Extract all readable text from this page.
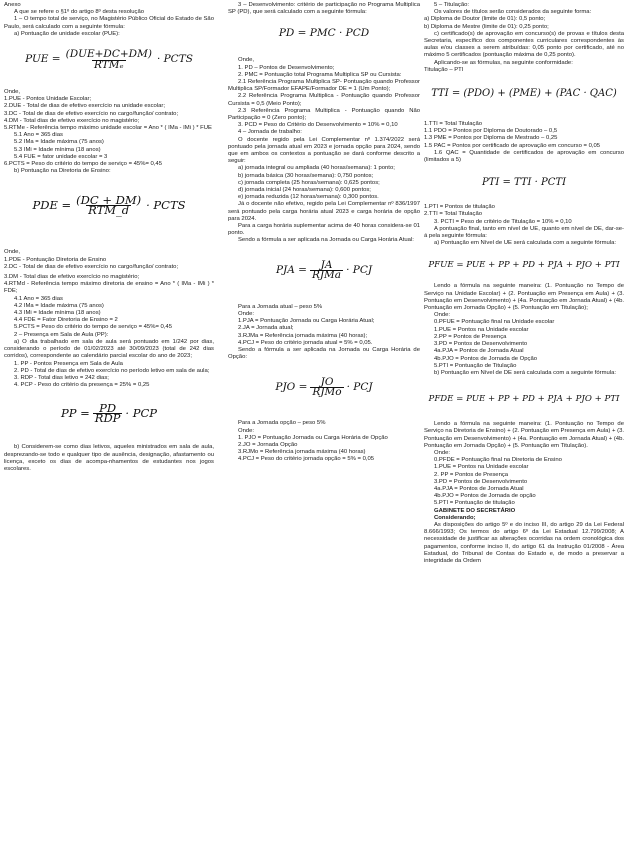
Anexo

A que se refere o §1º do artigo 8º desta resolução

1 – O tempo total de serviço, no Magistério Público Oficial do Estado de São Paulo, será calculado com a seguinte fórmula:

a) Pontuação de unidade escolar (PUE):

PUE = $\frac{\text{(DUE+DC+DM)}}{\text{RTMₑ}}$ · PCTS

Onde,

1.PUE - Pontos Unidade Escolar;

2.DUE - Total de dias de efetivo exercício na unidade escolar;

3.DC - Total de dias de efetivo exercício no cargo/função/ contrato;

4.DM - Total dias de efetivo exercício no magistério;

5.RTMe - Referência tempo máximo unidade escolar = Ano * ( IMa - IMi ) * FUE

5.1 Ano = 365 dias

5.2 IMa = Idade máxima (75 anos)

5.3 IMi = Idade mínima (18 anos)

5.4 FUE = fator unidade escolar = 3

6.PCTS = Peso do critério do tempo de serviço = 45%= 0,45

b) Pontuação na Diretoria de Ensino:

PDE = $\frac{(DC + DM)}{\text{RTM\_d}}$ · PCTS

Onde,

1.PDE - Pontuação Diretoria de Ensino

2.DC - Total de dias de efetivo exercício no cargo/função/ contrato;

3.DM - Total dias de efetivo exercício no magistério;

4.RTMd - Referência tempo máximo diretoria de ensino = Ano * ( IMa - IMi ) * FDE;

4.1 Ano = 365 dias

4.2 IMa = Idade máxima (75 anos)

4.3 IMi = Idade mínima (18 anos)

4.4 FDE = Fator Diretoria de Ensino = 2

5.PCTS = Peso do critério do tempo de serviço = 45%= 0,45

2 – Presença em Sala de Aula (PP):

a) O dia trabalhado em sala de aula será pontuado em 1/242 por dias, considerando o período de 01/02/2023 até 30/09/2023 (total de 242 dias corridos), correspondente ao calendário parcial escolar do ano de 2023;

1. PP - Pontos Presença em Sala de Aula

2. PD - Total de dias de efetivo exercício no período letivo em sala de aula;

3. RDP - Total dias letivo = 242 dias;

4. PCP - Peso do critério da presença = 25% = 0,25

PP = $\frac{PD}{\text{RDP}}$ · PCP

b) Considerem-se como dias letivos, aqueles ministrados em sala de aula, desprezando-se todo e qualquer tipo de ausência, designação, afastamento ou licença, exceto os dias de acompa-nhamentos de estudantes nos jogos escolares.

3 – Desenvolvimento: critério de participação no Programa Multiplica SP (PD), que será calculado com a seguinte fórmula:

PD = PMC · PCD

Onde,

1. PD – Pontos de Desenvolvimento;

2. PMC = Pontuação total Programa Multiplica SP ou Cursista:

2.1 Referência Programa Multiplica SP- Pontuação quando Professor Multiplica SP/Formador EFAPE/Formador DE = 1 (Um Ponto);

2.2 Referência Programa Multiplica - Pontuação quando Professor Cursista = 0,5 (Meio Ponto);

2.3 Referência Programa Multiplica - Pontuação quando Não Participação = 0 (Zero ponto);

3. PCD = Peso do Critério do Desenvolvimento = 10% = 0,10

4 – Jornada de trabalho:

O docente regido pela Lei Complementar nº 1.374/2022 será pontuado pela jornada atual em 2023 e jornada opção para 2024, sendo que em ambos os contextos a pontuação se dará conforme descrito a seguir:

a) jornada integral ou ampliada (40 horas/semana): 1 ponto;

b) jornada básica (30 horas/semana): 0,750 pontos;

c) jornada completa (25 horas/semana): 0,625 pontos;

d) jornada inicial (24 horas/semana): 0,600 pontos;

e) jornada reduzida (12 horas/semana): 0,300 pontos.

Já o docente não efetivo, regido pela Lei Complementar nº 836/1997 será pontuado pela carga horária atual 2023 e carga horária de opção para 2024.

Para a carga horária suplementar acima de 40 horas considera-se 01 ponto.

Sendo a fórmula a ser aplicada na Jornada ou Carga Horária Atual:

PJA = $\frac{JA}{\text{RJMa}}$ · PCJ

Para a Jornada atual – peso 5%

Onde:

1.PJA = Pontuação Jornada ou Carga Horária Atual;

2.JA = Jornada atual;

3.RJMa = Referência jornada máxima (40 horas);

4.PCJ = Peso do critério jornada atual = 5% = 0,05.

Sendo a fórmula a ser aplicada na Jornada ou Carga Horária de Opção:

PJO = $\frac{JO}{\text{RJMo}}$ · PCJ

Para a Jornada opção – peso 5%

Onde:

1. PJO = Pontuação Jornada ou Carga Horária de Opção

2.JO = Jornada Opção

3.RJMo = Referência jornada máxima (40 horas)

4.PCJ = Peso do critério jornada opção = 5% = 0,05

5 – Titulação:

Os valores de títulos serão considerados da seguinte forma:

a) Diploma de Doutor (limite de 01): 0,5 ponto;

b) Diploma de Mestre (limite de 01): 0,25 ponto;

c) certificado(s) de aprovação em concurso(s) de provas e títulos desta Secretaria, específico dos componentes curriculares correspondentes às aulas e/ou classes a serem atribuídas: 0,05 ponto por certificado, até no máximo 5 certificados (pontuação máxima de 0,25 ponto).

Aplicando-se as fórmulas, na seguinte conformidade:

Titulação – PTI

TTI = (PDO) + (PME) + (PAC · QAC)

1.TTI = Total Titulação

1.1 PDO = Pontos por Diploma de Doutorado – 0,5

1.3 PME = Pontos por Diploma de Mestrado – 0,25

1.5 PAC = Pontos por certificado de aprovação em concurso = 0,05

1.6 QAC = Quantidade de certificados de aprovação em concurso (limitados a 5)

PTI = TTI · PCTI

1.PTI = Pontos de titulação

2.TTI = Total Titulação

3. PCTI = Peso de critério de Titulação = 10% = 0,10

A pontuação final, tanto em nível de UE, quanto em nível de DE, dar-se-á pela seguinte fórmula:

a) Pontuação em Nível de UE será calculada com a seguinte fórmula:

PFUE = PUE + PP + PD + PJA + PJO + PTI

Lendo a fórmula na seguinte maneira: (1. Pontuação no Tempo de Serviço na Unidade Escolar) + (2. Pontuação em Presença em Aula) + (3. Pontuação em Desenvolvimento) + (4a. Pontuação em Jornada Atual) + (4b. Pontuação em Jornada Opção) + (5. Pontuação em Titulação);

Onde:

0.PFUE = Pontuação final na Unidade escolar

1.PUE = Pontos na Unidade escolar

2.PP = Pontos de Presença

3.PD = Pontos de Desenvolvimento

4a.PJA = Pontos de Jornada Atual

4b.PJO = Pontos de Jornada de Opção

5.PTI = Pontuação de Titulação

b) Pontuação em Nível de DE será calculada com a seguinte fórmula:

PFDE = PUE + PP + PD + PJA + PJO + PTI

Lendo a fórmula na seguinte maneira: (1. Pontuação no Tempo de Serviço na Diretoria de Ensino) + (2. Pontuação em Presença em Aula) + (3. Pontuação em Desenvolvimento) + (4a. Pontuação em Jornada Atual) + (4b. Pontuação em Jornada Opção) + (5. Pontuação em Titulação).

Onde:

0.PFDE = Pontuação final na Diretoria de Ensino

1.PUE = Pontos na Unidade escolar

2. PP = Pontos de Presença

3.PD = Pontos de Desenvolvimento

4a.PJA = Pontos de Jornada Atual

4b.PJO = Pontos de Jornada de opção

5.PTI = Pontuação de titulação

GABINETE DO SECRETÁRIO

Considerando;

As disposições do artigo 5º e do inciso III, do artigo 29 da Lei Federal 8.666/1993; Os termos do artigo 6º da Lei Estadual 12.799/2008; A necessidade de justificar as alterações ocorridas na ordem cronológica dos pagamentos, conforme inciso II, do artigo 61 da Instrução 01/2008 - Área Estadual, do Tribunal de Contas do Estado e, de modo a preservar a integridade da Ordem
